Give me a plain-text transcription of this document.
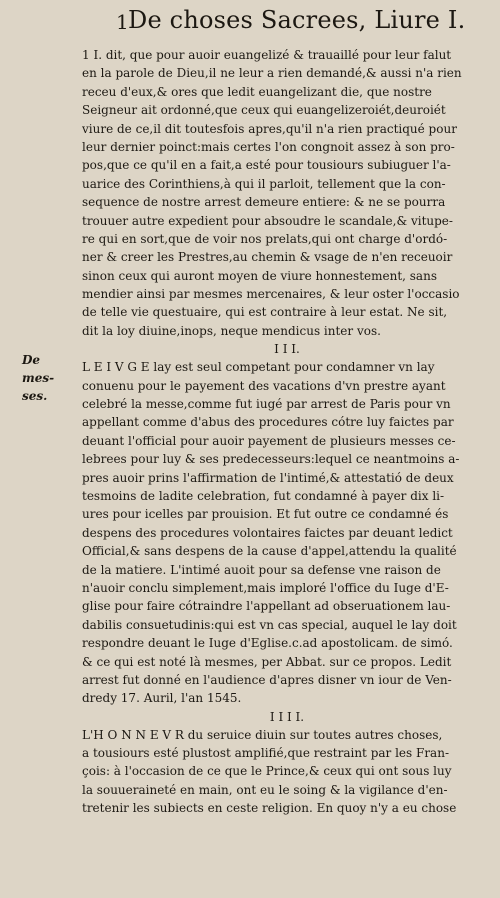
1 De choses Sacrees, Liure I.
De mes-
ses.
1 I. dit, que pour auoir euangelizé & trauaillé pour leur falut
en la parole de Dieu,il ne leur a rien demandé,& aussi n'a rien
receu d'eux,& ores que ledit euangelizant die, que nostre
Seigneur ait ordonné,que ceux qui euangelizeroiét,deuroiét
viure de ce,il dit toutesfois apres,qu'il n'a rien practiqué pour
leur dernier poinct:mais certes l'on congnoit assez à son pro-
pos,que ce qu'il en a fait,a esté pour tousiours subiuguer l'a-
uarice des Corinthiens,à qui il parloit, tellement que la con-
sequence de nostre arrest demeure entiere: & ne se pourra
trouuer autre expedient pour absoudre le scandale,& vitupe-
re qui en sort,que de voir nos prelats,qui ont charge d'ordó-
ner & creer les Prestres,au chemin & vsage de n'en receuoir
sinon ceux qui auront moyen de viure honnestement, sans
mendier ainsi par mesmes mercenaires, & leur oster l'occasio
de telle vie questuaire, qui est contraire à leur estat. Ne sit,
dit la loy diuine,inops, neque mendicus inter vos.
I I I.
L E I V G E lay est seul competant pour condamner vn lay
conuenu pour le payement des vacations d'vn prestre ayant
celebré la messe,comme fut iugé par arrest de Paris pour vn
appellant comme d'abus des procedures cótre luy faictes par
deuant l'official pour auoir payement de plusieurs messes ce-
lebrees pour luy & ses predecesseurs:lequel ce neantmoins a-
pres auoir prins l'affirmation de l'intimé,& attestatió de deux
tesmoins de ladite celebration, fut condamné à payer dix li-
ures pour icelles par prouision. Et fut outre ce condamné és
despens des procedures volontaires faictes par deuant ledict
Official,& sans despens de la cause d'appel,attendu la qualité
de la matiere. L'intimé auoit pour sa defense vne raison de
n'auoir conclu simplement,mais imploré l'office du Iuge d'E-
glise pour faire cótraindre l'appellant ad obseruationem lau-
dabilis consuetudinis:qui est vn cas special, auquel le lay doit
respondre deuant le Iuge d'Eglise.c.ad apostolicam. de simó.
& ce qui est noté là mesmes, per Abbat. sur ce propos. Ledit
arrest fut donné en l'audience d'apres disner vn iour de Ven-
dredy 17. Auril, l'an 1545.
I I I I.
L'H O N N E V R du seruice diuin sur toutes autres choses,
a tousiours esté plustost amplifié,que restraint par les Fran-
çois: à l'occasion de ce que le Prince,& ceux qui ont sous luy
la souueraineté en main, ont eu le soing & la vigilance d'en-
tretenir les subiects en ceste religion. En quoy n'y a eu chose
